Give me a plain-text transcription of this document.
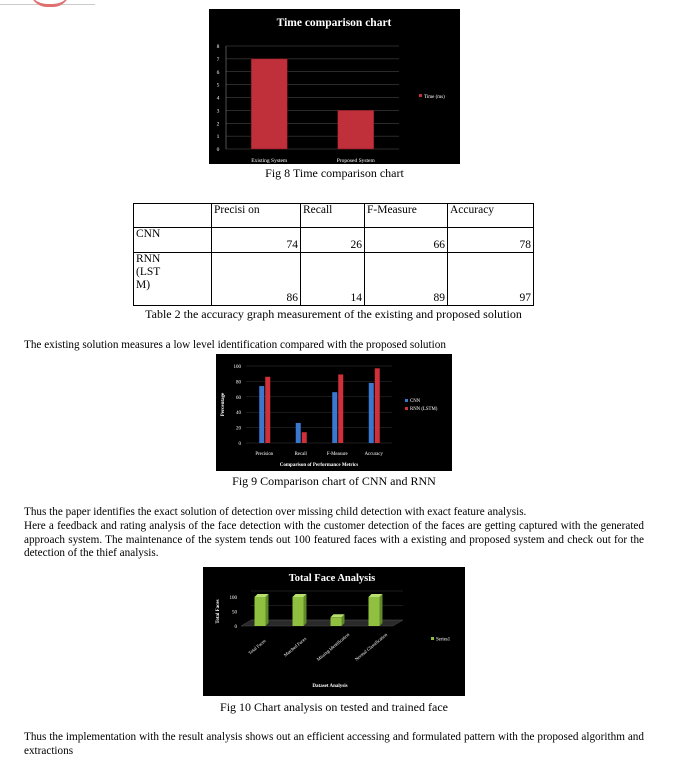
Time comparison chart
0
1
2
3
4
5
6
7
8
Existing System	Proposed System
Time (ms)
Fig 8 Time comparison chart
	Precisi on	Recall	F-Measure	Accuracy
CNN	74	26	66	78

RNN
(LST
M)	86	14	89	97
Table 2 the accuracy graph measurement of the existing and proposed solution
The existing solution measures a low level identification compared with the proposed solution
0
20
40
60
80
100
Percentage
Precision	Recall	F-Measure	Accuracy
Comparison of Performance Metrics
CNN
RNN (LSTM)
Fig 9 Comparison chart of CNN and RNN
Thus the paper identifies the exact solution of detection over missing child detection with exact feature analysis.
Here a feedback and rating analysis of the face detection with the customer detection of the faces are getting captured with the generated approach system. The maintenance of the system tends out 100 featured faces with a existing and proposed system and check out for the detection of the thief analysis.
Total Face Analysis
0
50
100
Total Faces
Total Faces	Matched Faces Missing Identification Normal Classification
Dataset Analysis
Series1
Fig 10 Chart analysis on tested and trained face
Thus the implementation with the result analysis shows out an efficient accessing and formulated pattern with the proposed algorithm and extractions
